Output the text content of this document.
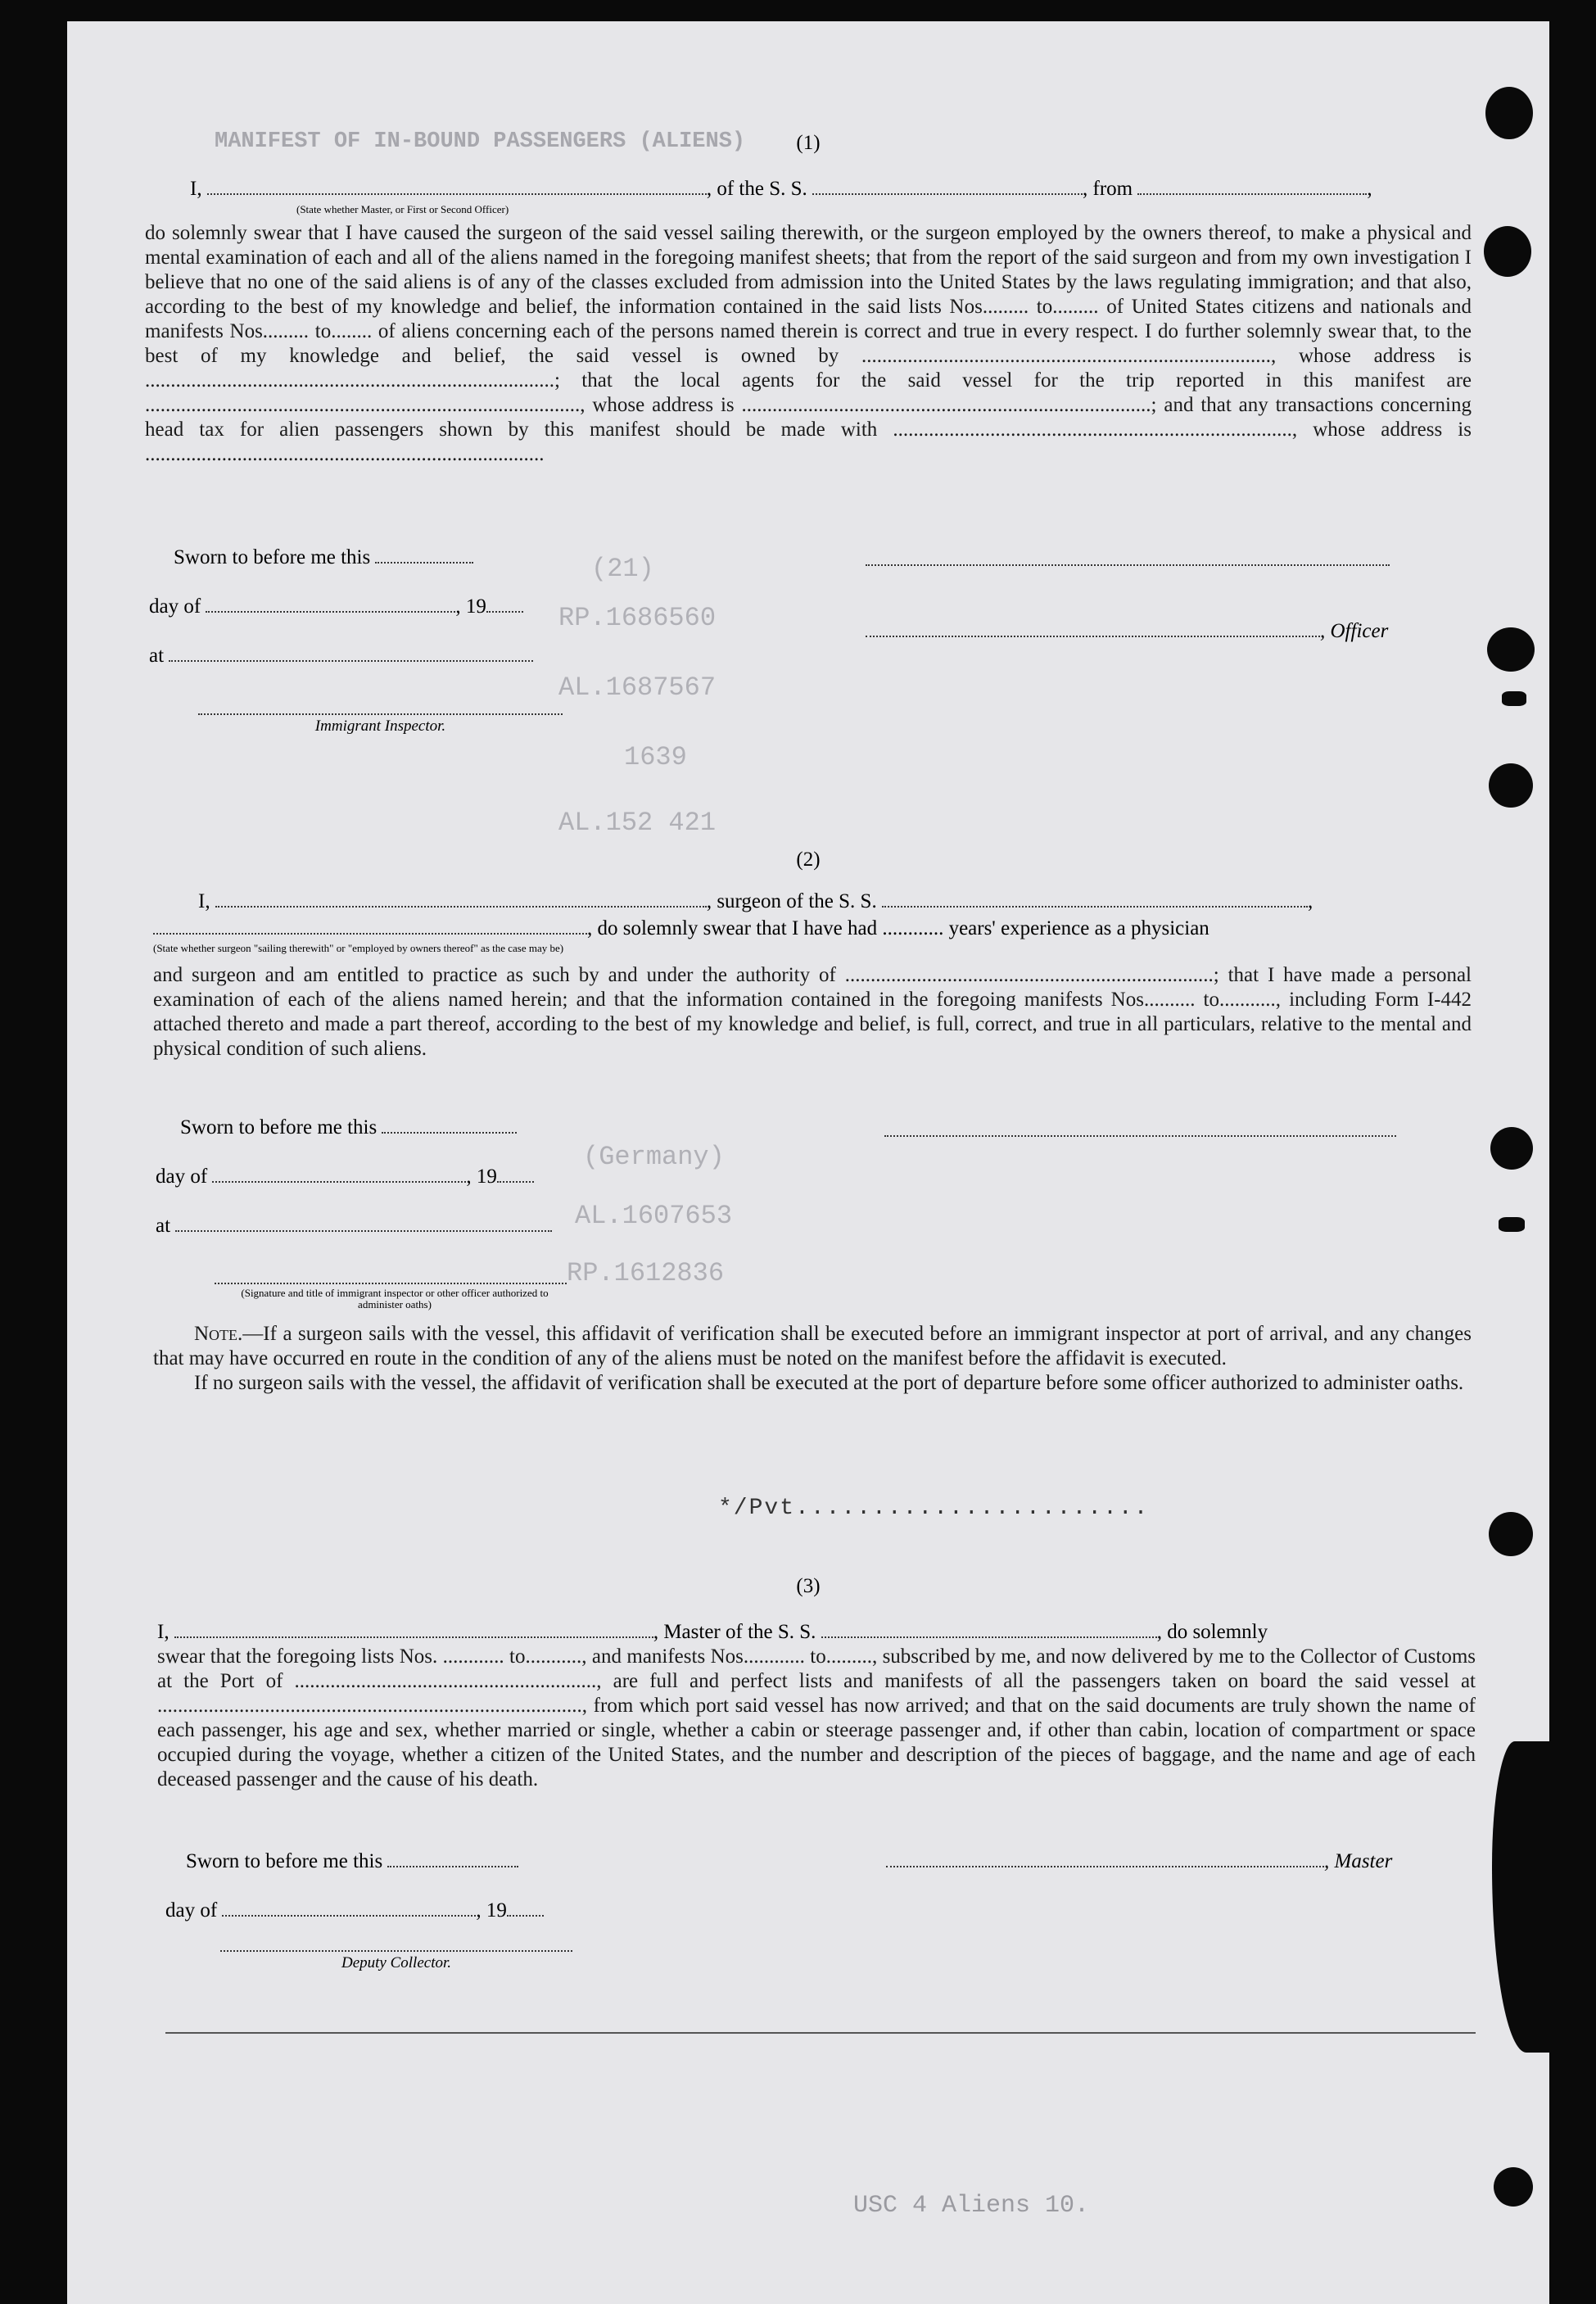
MANIFEST OF IN-BOUND PASSENGERS (ALIENS)
(21)
RP.1686560
AL.1687567
1639
AL.152 421
(Germany)
AL.1607653
RP.1612836
(1)
I,	, of the S. S.	, from	,
(State whether Master, or First or Second Officer)

do solemnly swear that I have caused the surgeon of the said vessel sailing therewith, or the surgeon employed by the owners thereof, to make a physical and mental examination of each and all of the aliens named in the foregoing manifest sheets; that from the report of the said surgeon and from my own investigation I believe that no one of the said aliens is of any of the classes excluded from admission into the United States by the laws regulating immigration; and that also, according to the best of my knowledge and belief, the information contained in the said lists Nos......... to......... of United States citizens and nationals and manifests Nos......... to........ of aliens concerning each of the persons named therein is correct and true in every respect. I do further solemnly swear that, to the best of my knowledge and belief, the said vessel is owned by ................................................................................, whose address is ................................................................................; that the local agents for the said vessel for the trip reported in this manifest are ....................................................................................., whose address is ................................................................................; and that any transactions concerning head tax for alien passengers shown by this manifest should be made with .............................................................................., whose address is ..............................................................................

Sworn to before me this
day of	, 19
, Officer
at
Immigrant Inspector.
(2)
I,	, surgeon of the S. S.	,
, do solemnly swear that I have had ............ years' experience as a physician
(State whether surgeon "sailing therewith" or "employed by owners thereof" as the case may be)

and surgeon and am entitled to practice as such by and under the authority of ........................................................................; that I have made a personal examination of each of the aliens named herein; and that the information contained in the foregoing manifests Nos.......... to..........., including Form I-442 attached thereto and made a part thereof, according to the best of my knowledge and belief, is full, correct, and true in all particulars, relative to the mental and physical condition of such aliens.

Sworn to before me this
day of	, 19
at
(Signature and title of immigrant inspector or other officer authorized to administer oaths)

Note.—If a surgeon sails with the vessel, this affidavit of verification shall be executed before an immigrant inspector at port of arrival, and any changes that may have occurred en route in the condition of any of the aliens must be noted on the manifest before the affidavit is executed.

If no surgeon sails with the vessel, the affidavit of verification shall be executed at the port of departure before some officer authorized to administer oaths.

*/Pvt.......................
(3)
I,	, Master of the S. S.	, do solemnly

swear that the foregoing lists Nos. ............ to..........., and manifests Nos............ to........., subscribed by me, and now delivered by me to the Collector of Customs at the Port of ..........................................................., are full and perfect lists and manifests of all the passengers taken on board the said vessel at ..................................................................................., from which port said vessel has now arrived; and that on the said documents are truly shown the name of each passenger, his age and sex, whether married or single, whether a cabin or steerage passenger and, if other than cabin, location of compartment or space occupied during the voyage, whether a citizen of the United States, and the number and description of the pieces of baggage, and the name and age of each deceased passenger and the cause of his death.

Sworn to before me this	, Master
day of	, 19
Deputy Collector.
USC 4 Aliens 10.
